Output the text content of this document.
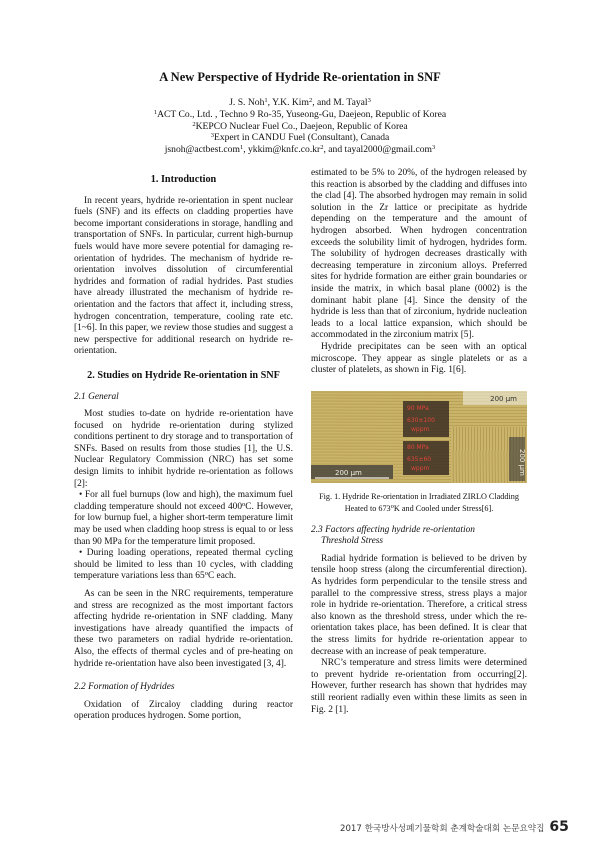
A New Perspective of Hydride Re-orientation in SNF
J. S. Noh$^1$, Y.K. Kim$^2$, and M. Tayal$^3$
$^1$ACT Co., Ltd. , Techno 9 Ro-35, Yuseong-Gu, Daejeon, Republic of Korea
$^2$KEPCO Nuclear Fuel Co., Daejeon, Republic of Korea
$^3$Expert in CANDU Fuel (Consultant), Canada
jsnoh@actbest.com$^1$, $ykkim@knfc.co.kr^2$, and tayal2000@gmail.com$^3$
1. Introduction

In recent years, hydride re-orientation in spent nuclear fuels (SNF) and its effects on cladding properties have become important considerations in storage, handling and transportation of SNFs. In particular, current high-burnup fuels would have more severe potential for damaging re-orientation of hydrides. The mechanism of hydride re-orientation involves dissolution of circumferential hydrides and formation of radial hydrides. Past studies have already illustrated the mechanism of hydride re-orientation and the factors that affect it, including stress, hydrogen concentration, temperature, cooling rate etc. [1~6]. In this paper, we review those studies and suggest a new perspective for additional research on hydride re-orientation.

2. Studies on Hydride Re-orientation in SNF
2.1 General

Most studies to-date on hydride re-orientation have focused on hydride re-orientation during stylized conditions pertinent to dry storage and to transportation of SNFs. Based on results from those studies [1], the U.S. Nuclear Regulatory Commission (NRC) has set some design limits to inhibit hydride re-orientation as follows [2]:

• For all fuel burnups (low and high), the maximum fuel cladding temperature should not exceed 400$^o$C. However, for low burnup fuel, a higher short-term temperature limit may be used when cladding hoop stress is equal to or less than 90 MPa for the temperature limit proposed.

• During loading operations, repeated thermal cycling should be limited to less than 10 cycles, with cladding temperature variations less than 65$^o$C each.

As can be seen in the NRC requirements, temperature and stress are recognized as the most important factors affecting hydride re-orientation in SNF cladding. Many investigations have already quantified the impacts of these two parameters on radial hydride re-orientation. Also, the effects of thermal cycles and of pre-heating on hydride re-orientation have also been investigated [3, 4].

2.2 Formation of Hydrides

Oxidation of Zircaloy cladding during reactor operation produces hydrogen. Some portion,

estimated to be 5% to 20%, of the hydrogen released by this reaction is absorbed by the cladding and diffuses into the clad [4]. The absorbed hydrogen may remain in solid solution in the Zr lattice or precipitate as hydride depending on the temperature and the amount of hydrogen absorbed. When hydrogen concentration exceeds the solubility limit of hydrogen, hydrides form. The solubility of hydrogen decreases drastically with decreasing temperature in zirconium alloys. Preferred sites for hydride formation are either grain boundaries or inside the matrix, in which basal plane (0002) is the dominant habit plane [4]. Since the density of the hydride is less than that of zirconium, hydride nucleation leads to a local lattice expansion, which should be accommodated in the zirconium matrix [5].

Hydride precipitates can be seen with an optical microscope. They appear as single platelets or as a cluster of platelets, as shown in Fig. 1[6].

200 μm
90 MPa
630±100
wppm
80 MPa
635±60
wppm
200 μm	200 μm
Fig. 1. Hydride Re-orientation in Irradiated ZIRLO Cladding Heated to 673$^o$K and Cooled under Stress[6].
2.3 Factors affecting hydride re-orientation
Threshold Stress

Radial hydride formation is believed to be driven by tensile hoop stress (along the circumferential direction). As hydrides form perpendicular to the tensile stress and parallel to the compressive stress, stress plays a major role in hydride re-orientation. Therefore, a critical stress also known as the threshold stress, under which the re-orientation takes place, has been defined. It is clear that the stress limits for hydride re-orientation appear to decrease with an increase of peak temperature.

NRC’s temperature and stress limits were determined to prevent hydride re-orientation from occurring[2]. However, further research has shown that hydrides may still reorient radially even within these limits as seen in Fig. 2 [1].

2017 한국방사성폐기물학회 춘계학술대회 논문요약집 65
